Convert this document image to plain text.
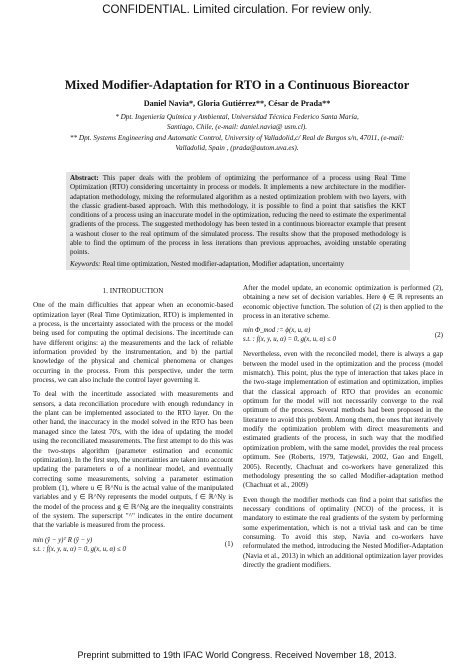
CONFIDENTIAL. Limited circulation. For review only.
Mixed Modifier-Adaptation for RTO in a Continuous Bioreactor
Daniel Navia*, Gloria Gutiérrez**, César de Prada**
* Dpt. Ingeniería Química y Ambiental, Universidad Técnica Federico Santa María,
Santiago, Chile, (e-mail: daniel.navia@ usm.cl).
** Dpt. Systems Engineering and Automatic Control, University of Valladolid,c/ Real de Burgos s/n, 47011, (e-mail:
Valladolid, Spain , (prada@autom.uva.es).
Abstract: This paper deals with the problem of optimizing the performance of a process using Real Time Optimization (RTO) considering uncertainty in process or models. It implements a new architecture in the modifier-adaptation methodology, mixing the reformulated algorithm as a nested optimization problem with two layers, with the classic gradient-based approach. With this methodology, it is possible to find a point that satisfies the KKT conditions of a process using an inaccurate model in the optimization, reducing the need to estimate the experimental gradients of the process. The suggested methodology has been tested in a continuous bioreactor example that present a washout closer to the real optimum of the simulated process. The results show that the proposed methodology is able to find the optimum of the process in less iterations than previous approaches, avoiding unstable operating points.
Keywords: Real time optimization, Nested modifier-adaptation, Modifier adaptation, uncertainty
1. INTRODUCTION

One of the main difficulties that appear when an economic-based optimization layer (Real Time Optimization, RTO) is implemented in a process, is the uncertainty associated with the process or the model being used for computing the optimal decisions. The incertitude can have different origins: a) the measurements and the lack of reliable information provided by the instrumentation, and b) the partial knowledge of the physical and chemical phenomena or changes occurring in the process. From this perspective, under the term process, we can also include the control layer governing it.

To deal with the incertitude associated with measurements and sensors, a data reconciliation procedure with enough redundancy in the plant can be implemented associated to the RTO layer. On the other hand, the inaccuracy in the model solved in the RTO has been managed since the latest 70's, with the idea of updating the model using the reconciliated measurements. The first attempt to do this was the two-steps algorithm (parameter estimation and economic optimization). In the first step, the uncertainties are taken into account updating the parameters α of a nonlinear model, and eventually correcting some measurements, solving a parameter estimation problem (1), where u ∈ ℝ^Nu is the actual value of the manipulated variables and y ∈ ℝ^Ny represents the model outputs, f ∈ ℝ^Ny is the model of the process and g ∈ ℝ^Ng are the inequality constraints of the system. The superscript "^" indicates in the entire document that the variable is measured from the process.

min (ŷ − y)ᵀ R (ŷ − y)
s.t. : f(x, y, u, α) = 0, g(x, u, α) ≤ 0
(1)

After the model update, an economic optimization is performed (2), obtaining a new set of decision variables. Here ϕ ∈ ℝ represents an economic objective function. The solution of (2) is then applied to the process in an iterative scheme.

min Φ_mod := ϕ(x, u, α)
s.t. : f(x, y, u, α) = 0, g(x, u, α) ≤ 0
(2)

Nevertheless, even with the reconciled model, there is always a gap between the model used in the optimization and the process (model mismatch). This point, plus the type of interaction that takes place in the two-stage implementation of estimation and optimization, implies that the classical approach of RTO that provides an economic optimum for the model will not necessarily converge to the real optimum of the process. Several methods had been proposed in the literature to avoid this problem. Among them, the ones that iteratively modify the optimization problem with direct measurements and estimated gradients of the process, in such way that the modified optimization problem, with the same model, provides the real process optimum. See (Roberts, 1979, Tatjewski, 2002, Gao and Engell, 2005). Recently, Chachuat and co-workers have generalized this methodology presenting the so called Modifier-adaptation method (Chachuat et al., 2009)

Even though the modifier methods can find a point that satisfies the necessary conditions of optimality (NCO) of the process, it is mandatory to estimate the real gradients of the system by performing some experimentation, which is not a trivial task and can be time consuming. To avoid this step, Navia and co-workers have reformulated the method, introducing the Nested Modifier-Adaptation (Navia et al., 2013) in which an additional optimization layer provides directly the gradient modifiers.

Preprint submitted to 19th IFAC World Congress. Received November 18, 2013.
